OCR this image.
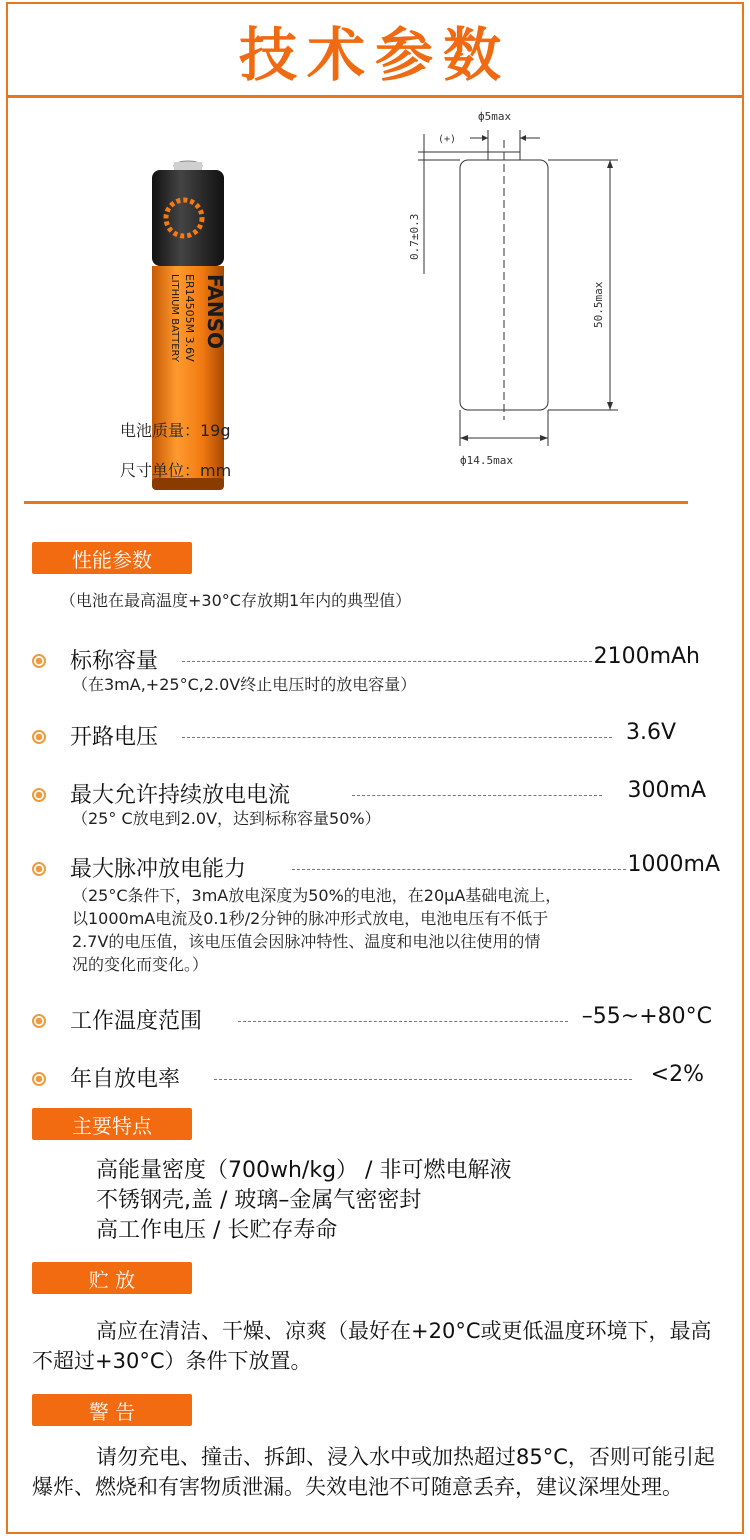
技术参数
FANSO
ER14505M 3.6V
LITHIUM BATTERY
电池质量：19g
尺寸单位：mm
ф5max
(+)
0.7±0.3
50.5max
ф14.5max
性能参数
（电池在最高温度+30°C存放期1年内的典型值）
标称容量	2100mAh
（在3mA,+25°C,2.0V终止电压时的放电容量）
开路电压	3.6V
最大允许持续放电电流	300mA
（25° C放电到2.0V，达到标称容量50%）
最大脉冲放电能力	1000mA
（25°C条件下，3mA放电深度为50%的电池，在20μA基础电流上，
以1000mA电流及0.1秒/2分钟的脉冲形式放电，电池电压有不低于
2.7V的电压值，该电压值会因脉冲特性、温度和电池以往使用的情
况的变化而变化。）
工作温度范围	–55~+80°C
年自放电率	<2%
主要特点
高能量密度（700wh/kg） / 非可燃电解液
不锈钢壳,盖 / 玻璃–金属气密密封
高工作电压 / 长贮存寿命
贮 放
高应在清洁、干燥、凉爽（最好在+20°C或更低温度环境下，最高不超过+30°C）条件下放置。
警 告
请勿充电、撞击、拆卸、浸入水中或加热超过85°C，否则可能引起爆炸、燃烧和有害物质泄漏。失效电池不可随意丢弃，建议深埋处理。
